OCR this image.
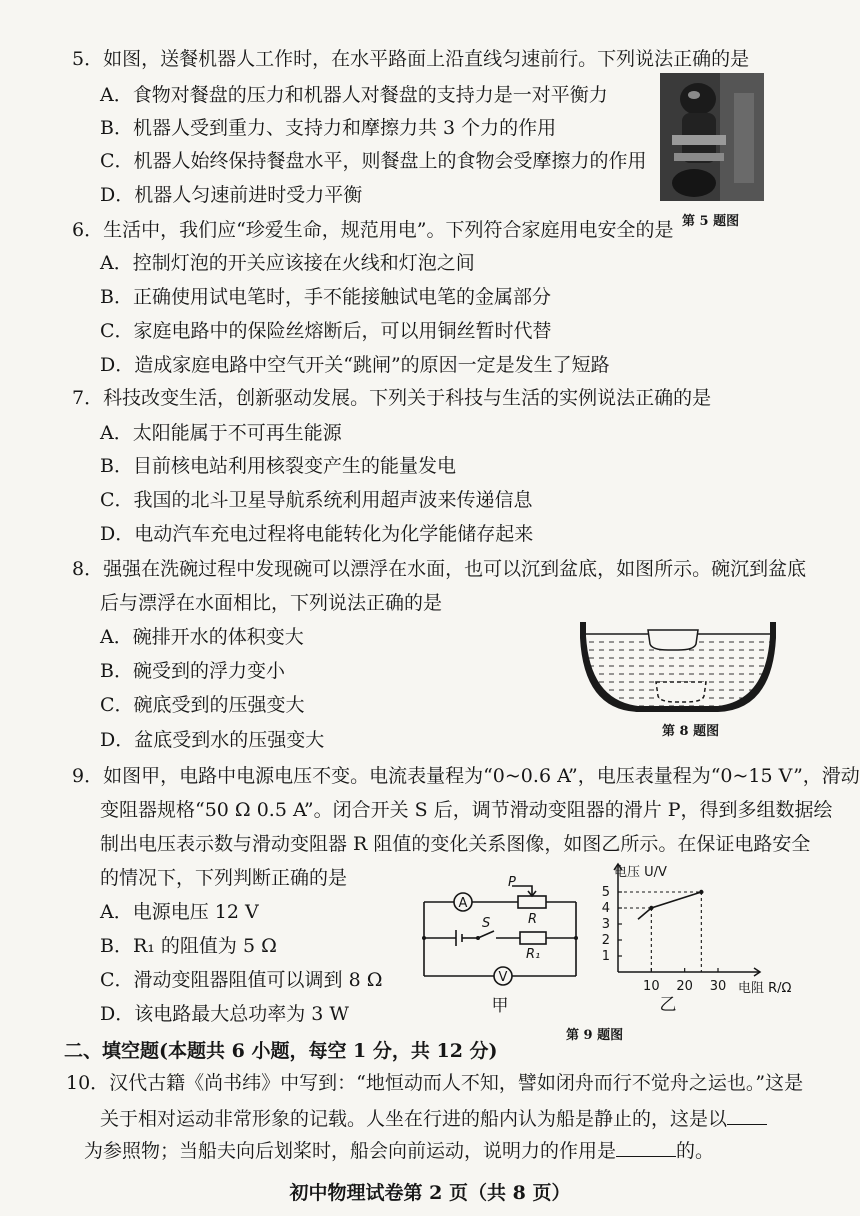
5．如图，送餐机器人工作时，在水平路面上沿直线匀速前行。下列说法正确的是
A．食物对餐盘的压力和机器人对餐盘的支持力是一对平衡力
B．机器人受到重力、支持力和摩擦力共 3 个力的作用
C．机器人始终保持餐盘水平，则餐盘上的食物会受摩擦力的作用
D．机器人匀速前进时受力平衡
第 5 题图
6．生活中，我们应“珍爱生命，规范用电”。下列符合家庭用电安全的是
A．控制灯泡的开关应该接在火线和灯泡之间
B．正确使用试电笔时，手不能接触试电笔的金属部分
C．家庭电路中的保险丝熔断后，可以用铜丝暂时代替
D．造成家庭电路中空气开关“跳闸”的原因一定是发生了短路
7．科技改变生活，创新驱动发展。下列关于科技与生活的实例说法正确的是
A．太阳能属于不可再生能源
B．目前核电站利用核裂变产生的能量发电
C．我国的北斗卫星导航系统利用超声波来传递信息
D．电动汽车充电过程将电能转化为化学能储存起来
8．强强在洗碗过程中发现碗可以漂浮在水面，也可以沉到盆底，如图所示。碗沉到盆底
后与漂浮在水面相比，下列说法正确的是
A．碗排开水的体积变大
B．碗受到的浮力变小
C．碗底受到的压强变大
D．盆底受到水的压强变大	第 8 题图
9．如图甲，电路中电源电压不变。电流表量程为“0~0.6 A”，电压表量程为“0~15 V”，滑动
变阻器规格“50 Ω 0.5 A”。闭合开关 S 后，调节滑动变阻器的滑片 P，得到多组数据绘
制出电压表示数与滑动变阻器 R 阻值的变化关系图像，如图乙所示。在保证电路安全
的情况下，下列判断正确的是
A．电源电压 12 V
B．R₁ 的阻值为 5 Ω
C．滑动变阻器阻值可以调到 8 Ω
D．该电路最大总功率为 3 W
A
V
P
R
S
R₁
甲
电压 U/V
电阻 R/Ω
1
2
3
4
5
10 20 30
乙
第 9 题图
二、填空题(本题共 6 小题，每空 1 分，共 12 分)
10．汉代古籍《尚书纬》中写到：“地恒动而人不知，譬如闭舟而行不觉舟之运也。”这是
关于相对运动非常形象的记载。人坐在行进的船内认为船是静止的，这是以
为参照物；当船夫向后划桨时，船会向前运动，说明力的作用是	的。
初中物理试卷第 2 页（共 8 页）
